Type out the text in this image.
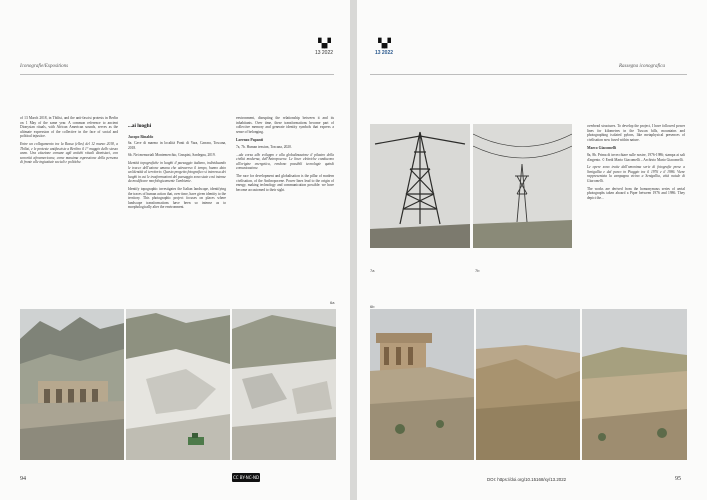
Iconografie/Expositions
▚▞
13 2022

of 13 March 2018, in Tbilisi, and the anti-fascist protests in Berlin on 1 May of the same year. A common reference to ancient Dionysian rituals, with African American sounds, serves as the ultimate expression of the collective in the face of social and political injustice.

Entre un collegamento tra la Rassa (elles) del 12 marzo 2018, a Tbilisi, e le proteste antifasciste a Berlino il 1° maggio dello stesso anno. Una citazione comune agli antichi rituali dionisiaci, con sonorità afroamericane, come massima espressione della persona di fronte alle ingiustizie sociali e politiche.

...ai luoghi
Jacopo Rinaldo

6a. Cave di marmo in località Ponti di Vara, Carrara, Toscana, 2018.

6b. Nei memoriali Montemerchio, Graspini, Sardegna, 2019.

Identità topografiche in luoghi il paesaggio italiano, individuando le tracce dell'azione umana che attraverso il tempo, hanno dato un'identità al territorio. Questo progetto fotografico si interessa dei luoghi in cui le trasformazioni del paesaggio sono state così intense da modificare morfologicamente l'ambiente.

Identify topographic investigates the Italian landscape, identifying the traces of human action that, over time, have given identity to the territory. This photographic project focuses on places where landscape transformations have been so intense as to morphologically alter the environment.

environment, disrupting the relationship between it and its inhabitants. Over time, these transformations become part of collective memory and generate identity symbols that express a sense of belonging.

Lorenzo Papanti

7a, 7b. Human tension, Toscana, 2020.

...ala corsa allo sviluppo e alla globalizzazione il pilastro della civiltà moderna, dell'Antropocene. Le linee elettriche conducono all'origine energetica, rendono possibili tecnologie quindi comunicazione.

The race for development and globalisation is the pillar of modern civilisation, of the Anthropocene. Power lines lead to the origin of energy, making technology and communication possible: we have become accustomed to their sight.

6a
94	CC BY-NC-ND
▚▞
13 2022
Rassegna iconografica
7a	7b

overhead structures. To develop the project, I have followed power lines for kilometres in the Tuscan hills, mountains and photographing isolated pylons, like metaphysical presences of civilisation now fused within nature.

Marco Giacomelli

8a, 8b. Prima di invecchiare sulle nostre, 1976-1986; stampa ai sali d'argento. © Eredi Mario Giacomelli – Archivio Mario Giacomelli.

Le opere sono tratte dall'omonima serie di fotografie prese a Senigallia e dal parco in Piaggio tra il 1976 e il 1986. Viene rappresentata la campagna vicino a Senigallia, città natale di Giacomelli.

The works are derived from the homonymous series of aerial photographs taken aboard a Piper between 1976 and 1986. They depict the...

6b
DOI: https://doi.org/10.15168/xy/13.2022	95
